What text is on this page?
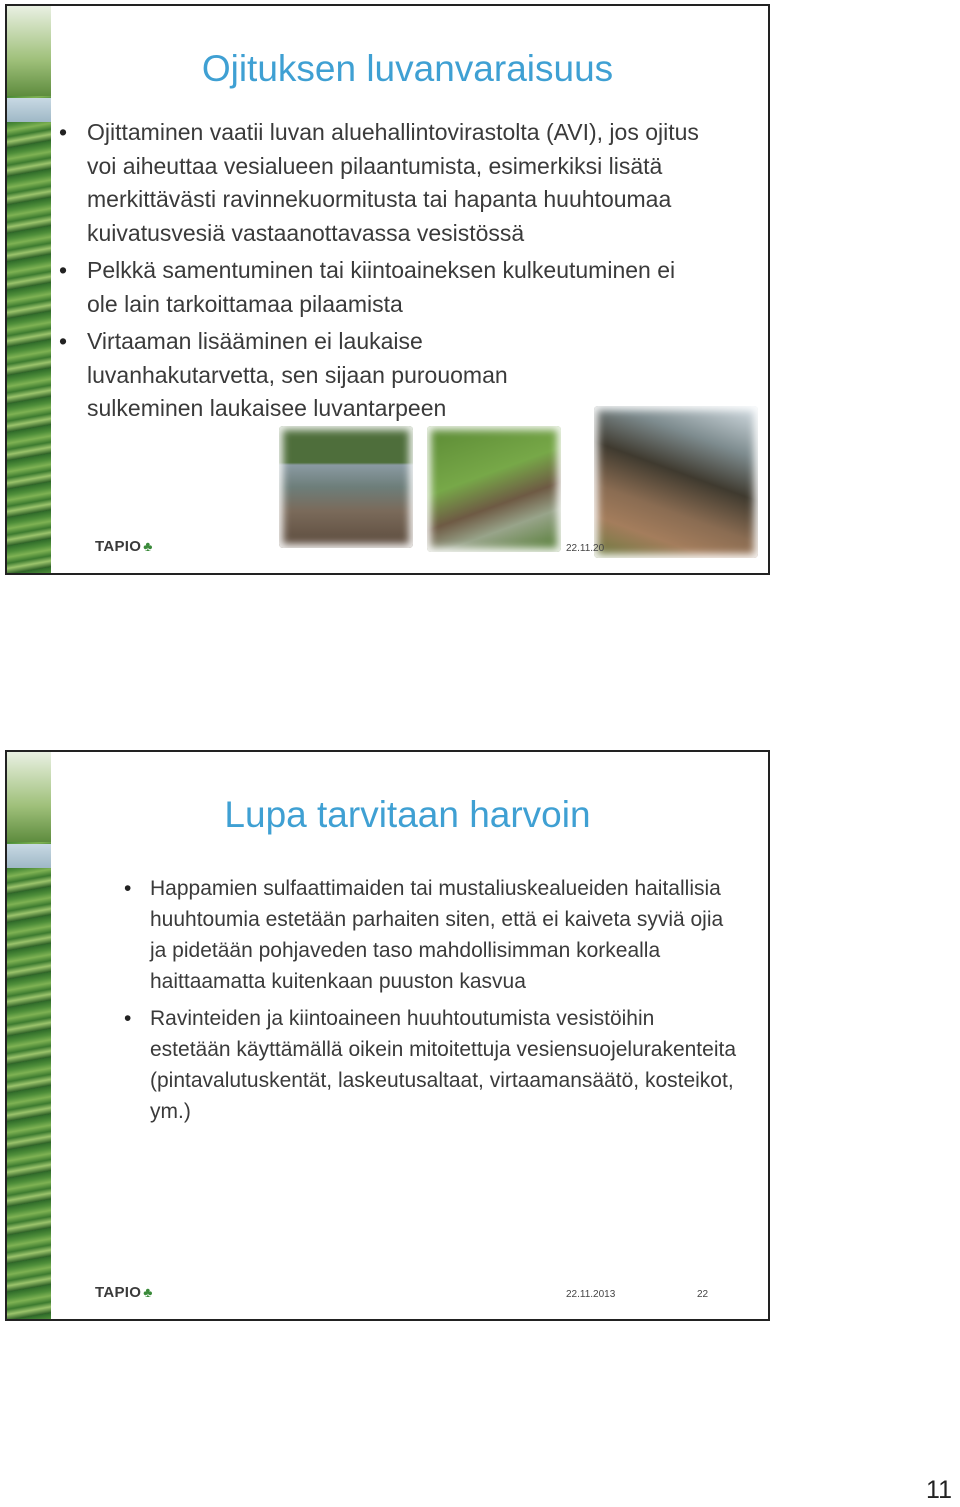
Ojituksen luvanvaraisuus
• Ojittaminen vaatii luvan aluehallintovirastolta (AVI), jos ojitus voi aiheuttaa vesialueen pilaantumista, esimerkiksi lisätä merkittävästi ravinnekuormitusta tai hapanta huuhtoumaa kuivatusvesiä vastaanottavassa vesistössä
• Pelkkä samentuminen tai kiintoaineksen kulkeutuminen ei ole lain tarkoittamaa pilaamista
• Virtaaman lisääminen ei laukaise luvanhakutarvetta, sen sijaan purouoman sulkeminen laukaisee luvantarpeen
TAPIO ♣	22.11.20
Lupa tarvitaan harvoin
• Happamien sulfaattimaiden tai mustaliuskealueiden haitallisia huuhtoumia estetään parhaiten siten, että ei kaiveta syviä ojia ja pidetään pohjaveden taso mahdollisimman korkealla haittaamatta kuitenkaan puuston kasvua
• Ravinteiden ja kiintoaineen huuhtoutumista vesistöihin estetään käyttämällä oikein mitoitettuja vesiensuojelurakenteita (pintavalutuskentät, laskeutusaltaat, virtaamansäätö, kosteikot, ym.)
TAPIO ♣	22.11.2013	22
11
